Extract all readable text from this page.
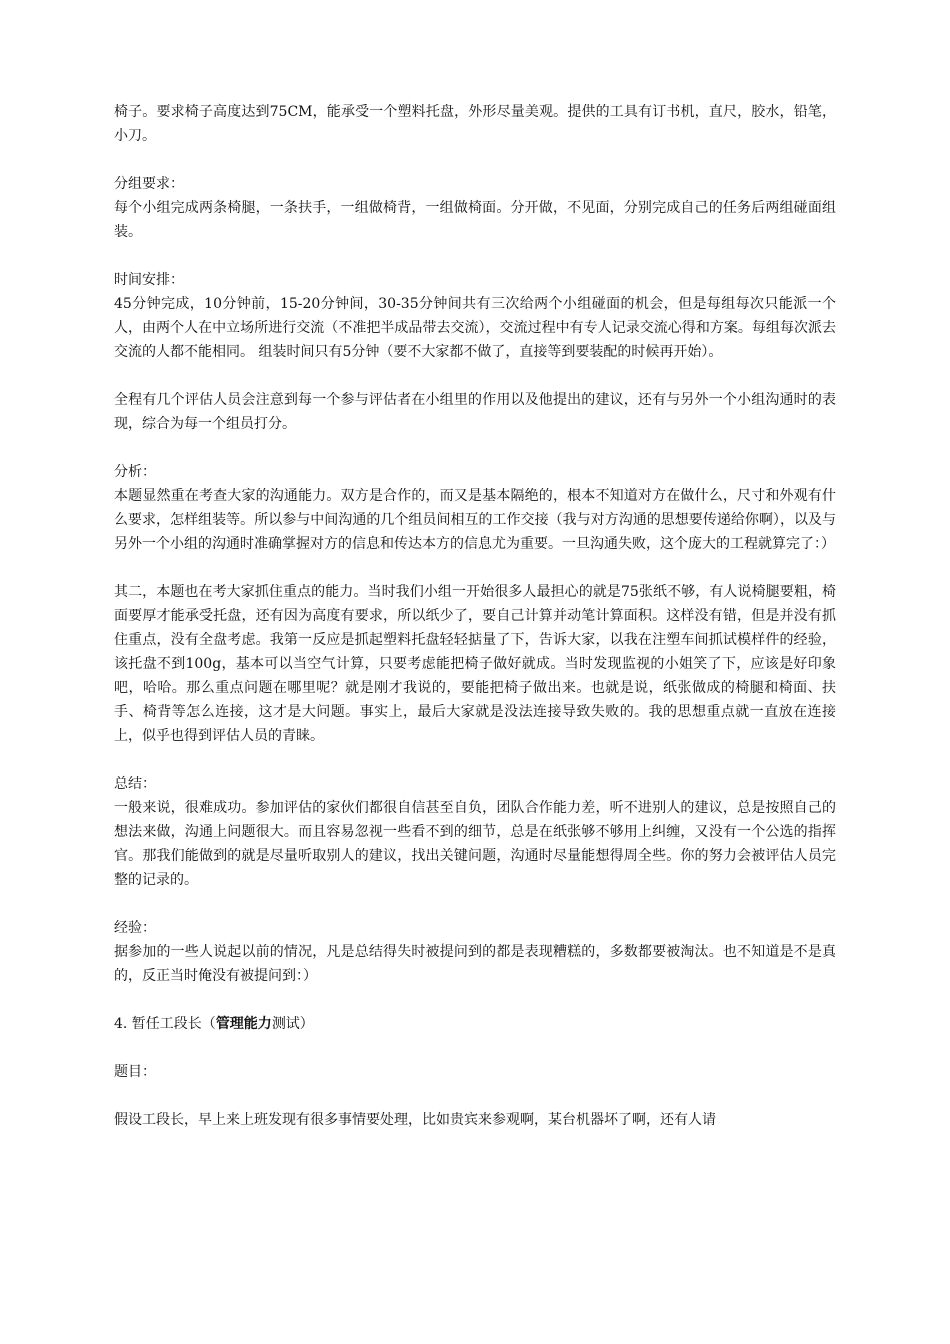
椅子。要求椅子高度达到75CM，能承受一个塑料托盘，外形尽量美观。提供的工具有订书机，直尺，胶水，铅笔，小刀。

分组要求：

每个小组完成两条椅腿，一条扶手，一组做椅背，一组做椅面。分开做，不见面，分别完成自己的任务后两组碰面组装。

时间安排：

45分钟完成，10分钟前，15-20分钟间，30-35分钟间共有三次给两个小组碰面的机会，但是每组每次只能派一个人，由两个人在中立场所进行交流（不准把半成品带去交流），交流过程中有专人记录交流心得和方案。每组每次派去交流的人都不能相同。 组装时间只有5分钟（要不大家都不做了，直接等到要装配的时候再开始）。

全程有几个评估人员会注意到每一个参与评估者在小组里的作用以及他提出的建议，还有与另外一个小组沟通时的表现，综合为每一个组员打分。

分析：

本题显然重在考查大家的沟通能力。双方是合作的，而又是基本隔绝的，根本不知道对方在做什么，尺寸和外观有什么要求，怎样组装等。所以参与中间沟通的几个组员间相互的工作交接（我与对方沟通的思想要传递给你啊），以及与另外一个小组的沟通时准确掌握对方的信息和传达本方的信息尤为重要。一旦沟通失败，这个庞大的工程就算完了：）

其二，本题也在考大家抓住重点的能力。当时我们小组一开始很多人最担心的就是75张纸不够，有人说椅腿要粗，椅面要厚才能承受托盘，还有因为高度有要求，所以纸少了，要自己计算并动笔计算面积。这样没有错，但是并没有抓住重点，没有全盘考虑。我第一反应是抓起塑料托盘轻轻掂量了下，告诉大家，以我在注塑车间抓试模样件的经验，该托盘不到100g，基本可以当空气计算，只要考虑能把椅子做好就成。当时发现监视的小姐笑了下，应该是好印象吧，哈哈。那么重点问题在哪里呢？就是刚才我说的，要能把椅子做出来。也就是说，纸张做成的椅腿和椅面、扶手、椅背等怎么连接，这才是大问题。事实上，最后大家就是没法连接导致失败的。我的思想重点就一直放在连接上，似乎也得到评估人员的青睐。

总结：

一般来说，很难成功。参加评估的家伙们都很自信甚至自负，团队合作能力差，听不进别人的建议，总是按照自己的想法来做，沟通上问题很大。而且容易忽视一些看不到的细节，总是在纸张够不够用上纠缠，又没有一个公选的指挥官。那我们能做到的就是尽量听取别人的建议，找出关键问题，沟通时尽量能想得周全些。你的努力会被评估人员完整的记录的。

经验：

据参加的一些人说起以前的情况，凡是总结得失时被提问到的都是表现糟糕的，多数都要被淘汰。也不知道是不是真的，反正当时俺没有被提问到：）

4. 暂任工段长（管理能力测试）

题目：

假设工段长，早上来上班发现有很多事情要处理，比如贵宾来参观啊，某台机器坏了啊，还有人请
